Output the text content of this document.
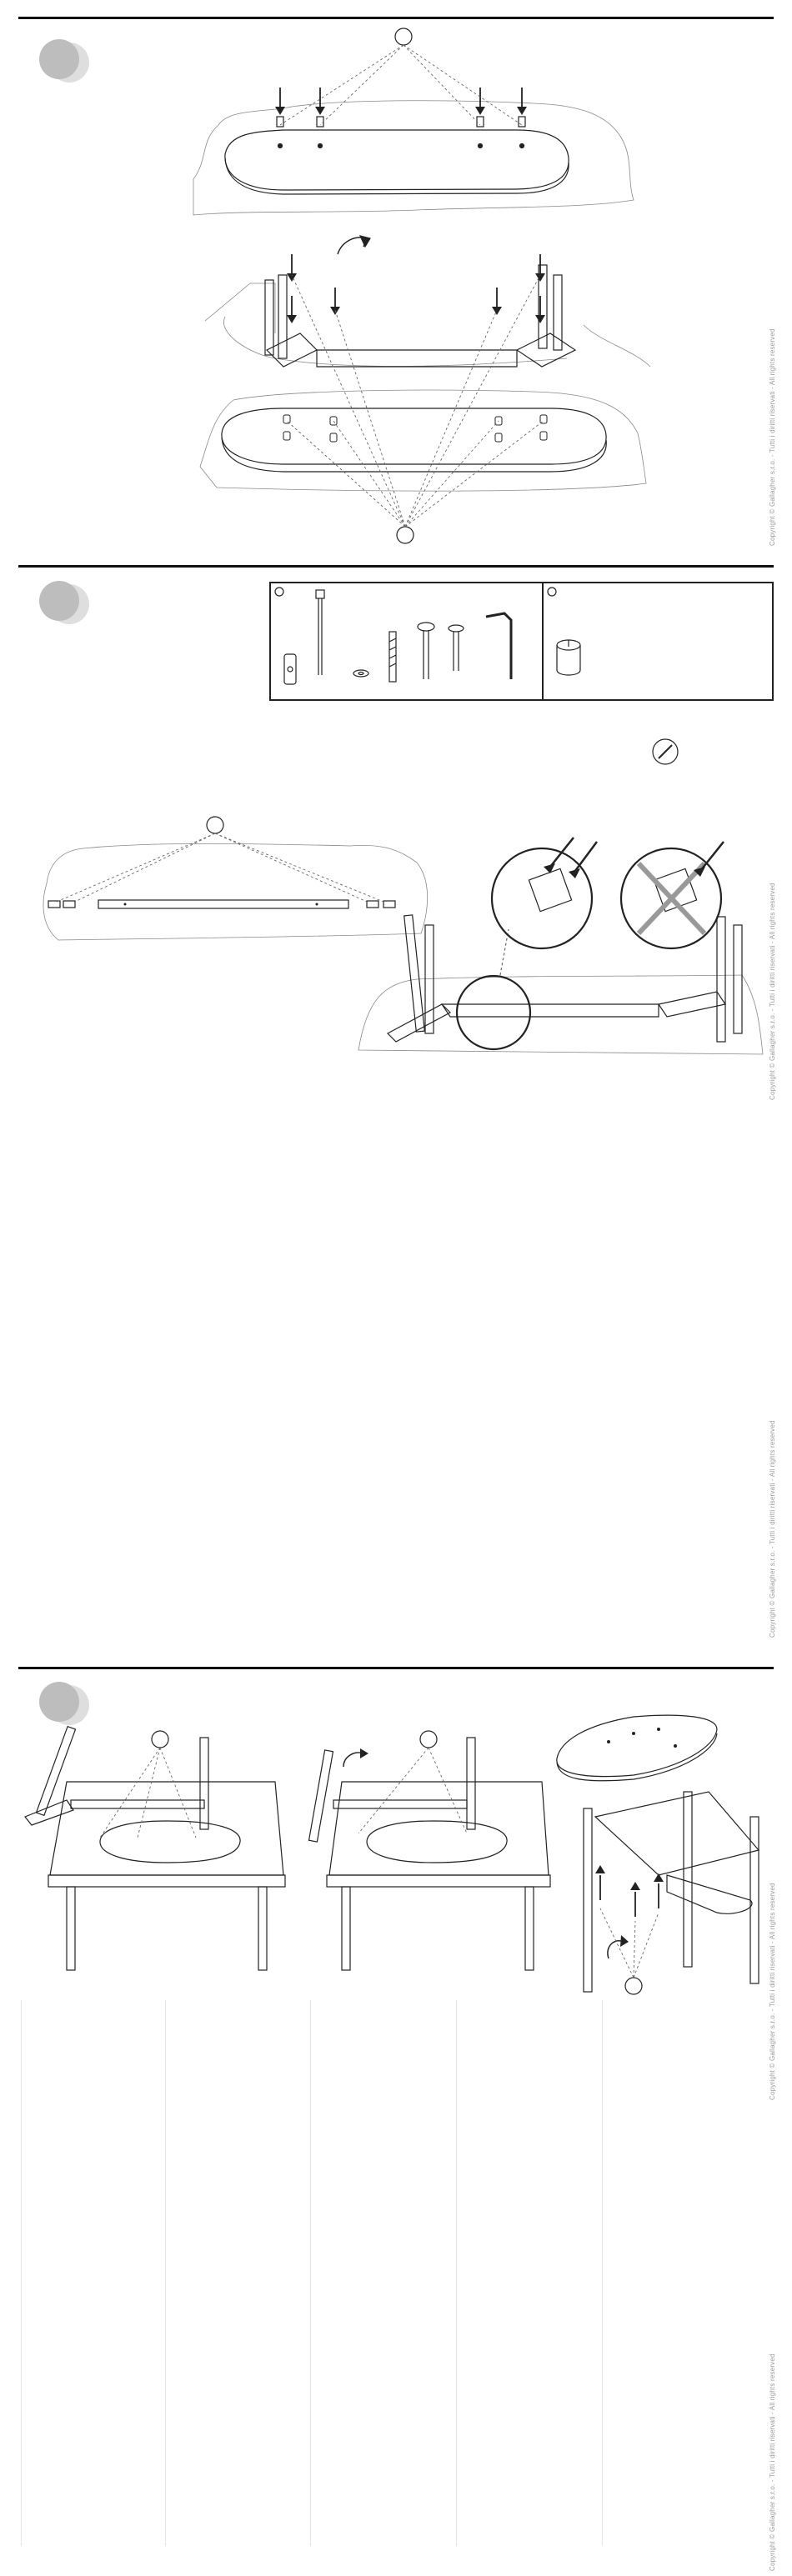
Copyright © Gallagher s.r.o. - Tutti i diritti riservati - All rights reserved
Copyright © Gallagher s.r.o. - Tutti i diritti riservati - All rights reserved
Copyright © Gallagher s.r.o. - Tutti i diritti riservati - All rights reserved
Copyright © Gallagher s.r.o. - Tutti i diritti riservati - All rights reserved
Copyright © Gallagher s.r.o. - Tutti i diritti riservati - All rights reserved
